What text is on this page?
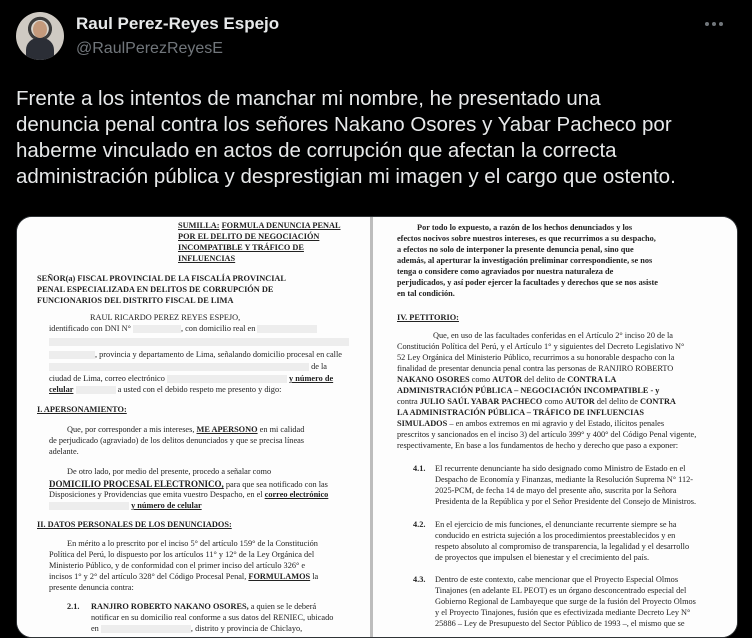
Raul Perez-Reyes Espejo
@RaulPerezReyesE
Frente a los intentos de manchar mi nombre, he presentado una
denuncia penal contra los señores Nakano Osores y Yabar Pacheco por
haberme vinculado en actos de corrupción que afectan la correcta
administración pública y desprestigian mi imagen y el cargo que ostento.
SUMILLA: FORMULA DENUNCIA PENAL
POR EL DELITO DE NEGOCIACIÓN
INCOMPATIBLE Y TRÁFICO DE
INFLUENCIAS
SEÑOR(a) FISCAL PROVINCIAL DE LA FISCALÍA PROVINCIAL
PENAL ESPECIALIZADA EN DELITOS DE CORRUPCIÓN DE
FUNCIONARIOS DEL DISTRITO FISCAL DE LIMA
RAUL RICARDO PEREZ REYES ESPEJO,
identificado con DNI N°	, con domicilio real en
, provincia y departamento de Lima, señalando domicilio procesal en calle
de la
ciudad de Lima, correo electrónico	y número de
celular	a usted con el debido respeto me presento y digo:
I. APERSONAMIENTO:
Que, por corresponder a mis intereses, ME APERSONO en mi calidad
de perjudicado (agraviado) de los delitos denunciados y que se precisa líneas
adelante.
De otro lado, por medio del presente, procedo a señalar como
DOMICILIO PROCESAL ELECTRONICO, para que sea notificado con las
Disposiciones y Providencias que emita vuestro Despacho, en el correo electrónico
y número de celular
II. DATOS PERSONALES DE LOS DENUNCIADOS:
En mérito a lo prescrito por el inciso 5° del artículo 159° de la Constitución
Política del Perú, lo dispuesto por los artículos 11° y 12° de la Ley Orgánica del
Ministerio Público, y de conformidad con el primer inciso del artículo 326° e
incisos 1° y 2° del artículo 328° del Código Procesal Penal, FORMULAMOS la
presente denuncia contra:
2.1. RANJIRO ROBERTO NAKANO OSORES, a quien se le deberá
notificar en su domicilio real conforme a sus datos del RENIEC, ubicado
en	, distrito y provincia de Chiclayo,
Por todo lo expuesto, a razón de los hechos denunciados y los
efectos nocivos sobre nuestros intereses, es que recurrimos a su despacho,
a efectos no solo de interponer la presente denuncia penal, sino que
además, al aperturar la investigación preliminar correspondiente, se nos
tenga o considere como agraviados por nuestra naturaleza de
perjudicados, y así poder ejercer la facultades y derechos que se nos asiste
en tal condición.
IV. PETITORIO:
Que, en uso de las facultades conferidas en el Artículo 2° inciso 20 de la
Constitución Política del Perú, y el Artículo 1° y siguientes del Decreto Legislativo N°
52 Ley Orgánica del Ministerio Público, recurrimos a su honorable despacho con la
finalidad de presentar denuncia penal contra las personas de RANJIRO ROBERTO
NAKANO OSORES como AUTOR del delito de CONTRA LA
ADMINISTRACIÓN PÚBLICA – NEGOCIACIÓN INCOMPATIBLE - y
contra JULIO SAÚL YABAR PACHECO como AUTOR del delito de CONTRA
LA ADMINISTRACIÓN PÚBLICA – TRÁFICO DE INFLUENCIAS
SIMULADOS – en ambos extremos en mi agravio y del Estado, ilícitos penales
prescritos y sancionados en el inciso 3) del artículo 399° y 400° del Código Penal vigente,
respectivamente, En base a los fundamentos de hecho y derecho que paso a exponer:
4.1. El recurrente denunciante ha sido designado como Ministro de Estado en el
Despacho de Economía y Finanzas, mediante la Resolución Suprema N° 112-
2025-PCM, de fecha 14 de mayo del presente año, suscrita por la Señora
Presidenta de la República y por el Señor Presidente del Consejo de Ministros.
4.2. En el ejercicio de mis funciones, el denunciante recurrente siempre se ha
conducido en estricta sujeción a los procedimientos preestablecidos y en
respeto absoluto al compromiso de transparencia, la legalidad y el desarrollo
de proyectos que impulsen el bienestar y el crecimiento del país.
4.3. Dentro de este contexto, cabe mencionar que el Proyecto Especial Olmos
Tinajones (en adelante EL PEOT) es un órgano desconcentrado especial del
Gobierno Regional de Lambayeque que surge de la fusión del Proyecto Olmos
y el Proyecto Tinajones, fusión que es efectivizada mediante Decreto Ley N°
25886 – Ley de Presupuesto del Sector Público de 1993 –, el mismo que se
